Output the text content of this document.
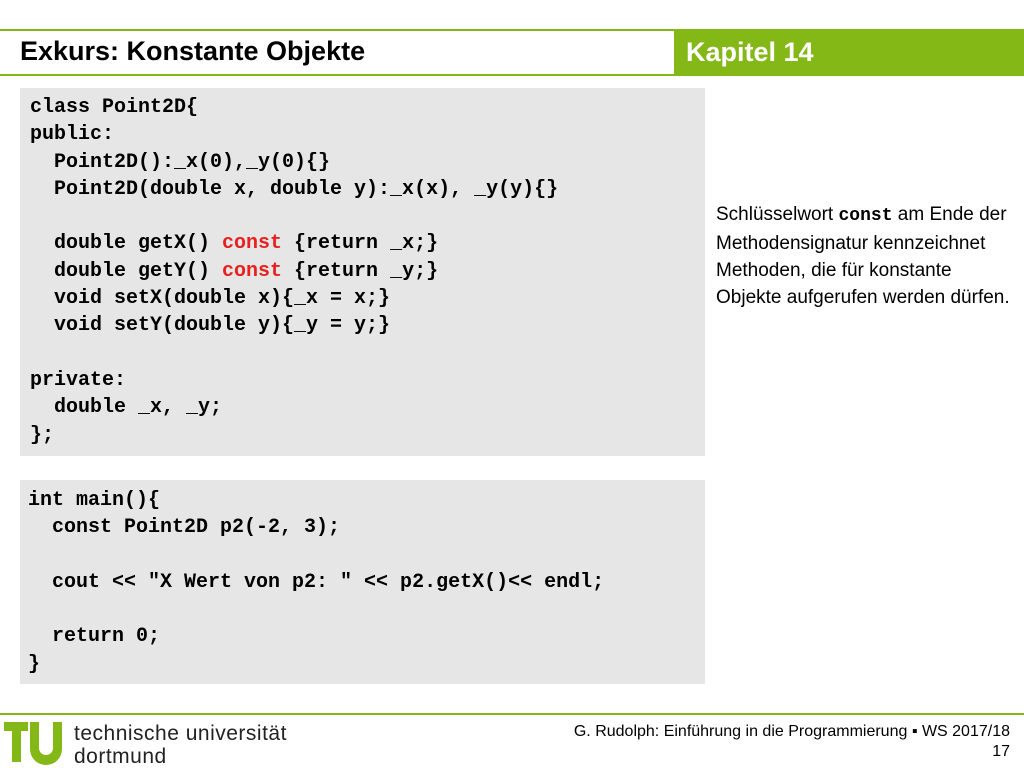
Exkurs: Konstante Objekte	Kapitel 14
class Point2D{
public:
Point2D():_x(0),_y(0){}
Point2D(double x, double y):_x(x), _y(y){}

double getX() const {return _x;}
double getY() const {return _y;}
void setX(double x){_x = x;}
void setY(double y){_y = y;}

private:
double _x, _y;
};
int main(){
const Point2D p2(-2, 3);

cout << "X Wert von p2: " << p2.getX()<< endl;

return 0;
}
Schlüsselwort const am Ende der Methodensignatur kennzeichnet Methoden, die für konstante Objekte aufgerufen werden dürfen.
technische universität
dortmund
G. Rudolph: Einführung in die Programmierung ▪ WS 2017/18
17
